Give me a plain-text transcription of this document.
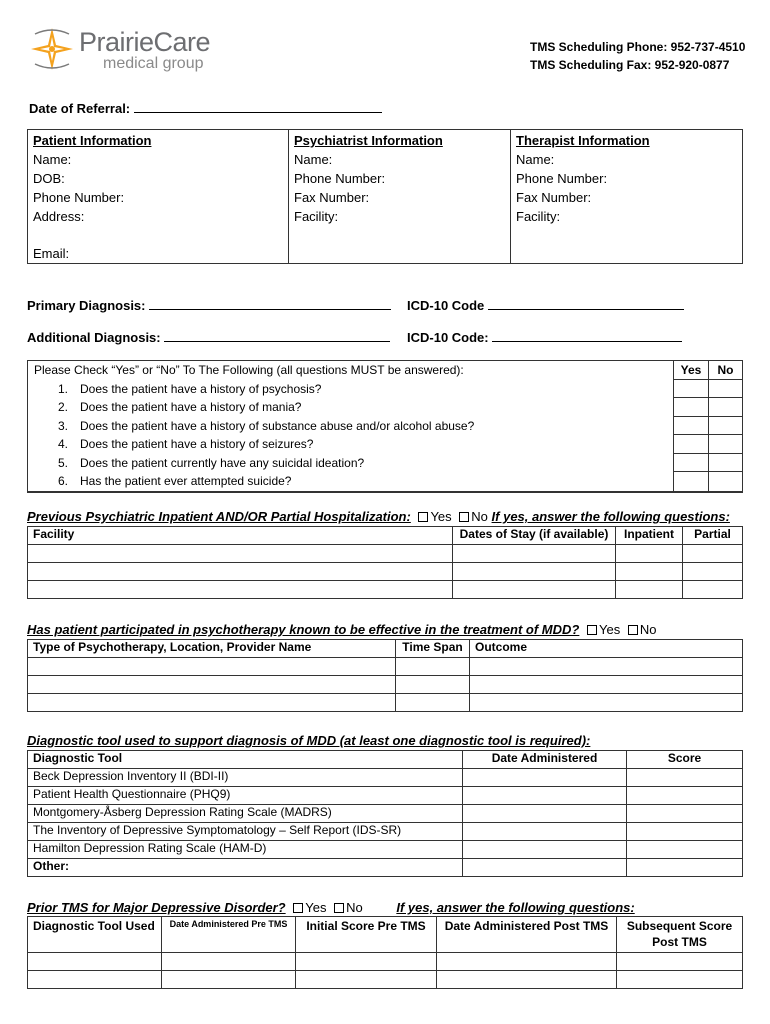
PrairieCare
medical group
TMS Scheduling Phone: 952-737-4510
TMS Scheduling Fax: 952-920-0877
Date of Referral:
Patient Information
Name:
DOB:
Phone Number:
Address:
Email:

Psychiatrist Information
Name:
Phone Number:
Fax Number:
Facility:

Therapist Information
Name:
Phone Number:
Fax Number:
Facility:
Primary Diagnosis:	ICD-10 Code
Additional Diagnosis:	ICD-10 Code:
Please Check “Yes” or “No” To The Following (all questions MUST be answered):
1. Does the patient have a history of psychosis?
2. Does the patient have a history of mania?
3. Does the patient have a history of substance abuse and/or alcohol abuse?
4. Does the patient have a history of seizures?
5. Does the patient currently have any suicidal ideation?
6. Has the patient ever attempted suicide?

Yes	No

Previous Psychiatric Inpatient AND/OR Partial Hospitalization: Yes No If yes, answer the following questions:
Facility	Dates of Stay (if available)	Inpatient	Partial

Has patient participated in psychotherapy known to be effective in the treatment of MDD? Yes No
Type of Psychotherapy, Location, Provider Name	Time Span	Outcome

Diagnostic tool used to support diagnosis of MDD (at least one diagnostic tool is required):
Diagnostic Tool	Date Administered	Score
Beck Depression Inventory II (BDI-II)		
Patient Health Questionnaire (PHQ9)		
Montgomery-Åsberg Depression Rating Scale (MADRS)		
The Inventory of Depressive Symptomatology – Self Report (IDS-SR)		
Hamilton Depression Rating Scale (HAM-D)		
Other:		
Prior TMS for Major Depressive Disorder? Yes No	If yes, answer the following questions:
Diagnostic Tool Used	Date Administered Pre TMS	Initial Score Pre TMS	Date Administered Post TMS	Subsequent Score Post TMS
